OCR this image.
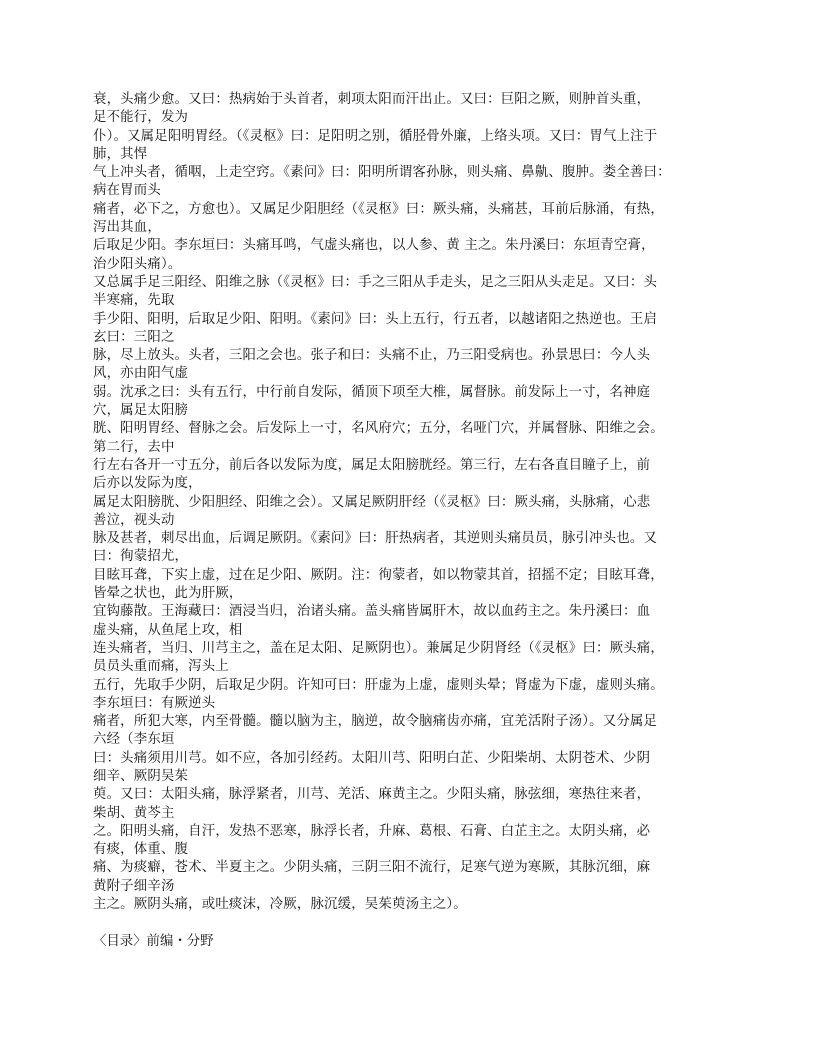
衰，头痛少愈。又曰：热病始于头首者，刺项太阳而汗出止。又曰：巨阳之厥，则肿首头重，
足不能行，发为
仆）。又属足阳明胃经。（《灵枢》曰：足阳明之别，循胫骨外廉，上络头项。又曰：胃气上注于
肺，其悍
气上冲头者，循咽，上走空窍。《素问》曰：阳明所谓客孙脉，则头痛、鼻鼽、腹肿。娄全善曰：
病在胃而头
痛者，必下之，方愈也）。又属足少阳胆经（《灵枢》曰：厥头痛，头痛甚，耳前后脉涌，有热，
泻出其血，
后取足少阳。李东垣曰：头痛耳鸣，气虚头痛也，以人参、黄 主之。朱丹溪曰：东垣青空膏，
治少阳头痛）。
又总属手足三阳经、阳维之脉（《灵枢》曰：手之三阳从手走头，足之三阳从头走足。又曰：头
半寒痛，先取
手少阳、阳明，后取足少阳、阳明。《素问》曰：头上五行，行五者，以越诸阳之热逆也。王启
玄曰：三阳之
脉，尽上放头。头者，三阳之会也。张子和曰：头痛不止，乃三阳受病也。孙景思曰：今人头
风，亦由阳气虚
弱。沈承之曰：头有五行，中行前自发际，循顶下项至大椎，属督脉。前发际上一寸，名神庭
穴，属足太阳膀
胱、阳明胃经、督脉之会。后发际上一寸，名风府穴；五分，名哑门穴，并属督脉、阳维之会。
第二行，去中
行左右各开一寸五分，前后各以发际为度，属足太阳膀胱经。第三行，左右各直目瞳子上，前
后亦以发际为度，
属足太阳膀胱、少阳胆经、阳维之会）。又属足厥阴肝经（《灵枢》曰：厥头痛，头脉痛，心悲
善泣，视头动
脉及甚者，刺尽出血，后调足厥阴。《素问》曰：肝热病者，其逆则头痛员员，脉引冲头也。又
曰：徇蒙招尤，
目眩耳聋，下实上虚，过在足少阳、厥阴。注：徇蒙者，如以物蒙其首，招摇不定；目眩耳聋，
皆晕之状也，此为肝厥，
宜钩藤散。王海藏曰：酒浸当归，治诸头痛。盖头痛皆属肝木，故以血药主之。朱丹溪曰：血
虚头痛，从鱼尾上攻，相
连头痛者，当归、川芎主之，盖在足太阳、足厥阴也）。兼属足少阴肾经（《灵枢》曰：厥头痛，
员员头重而痛，泻头上
五行，先取手少阴，后取足少阴。许知可曰：肝虚为上虚，虚则头晕；肾虚为下虚，虚则头痛。
李东垣曰：有厥逆头
痛者，所犯大寒，内至骨髓。髓以脑为主，脑逆，故令脑痛齿亦痛，宜羌活附子汤）。又分属足
六经（李东垣
曰：头痛须用川芎。如不应，各加引经药。太阳川芎、阳明白芷、少阳柴胡、太阴苍术、少阴
细辛、厥阴吴茱
萸。又曰：太阳头痛，脉浮紧者，川芎、羌活、麻黄主之。少阳头痛，脉弦细，寒热往来者，
柴胡、黄芩主
之。阳明头痛，自汗，发热不恶寒，脉浮长者，升麻、葛根、石膏、白芷主之。太阴头痛，必
有痰，体重、腹
痛、为痰癖，苍术、半夏主之。少阴头痛，三阴三阳不流行，足寒气逆为寒厥，其脉沉细，麻
黄附子细辛汤
主之。厥阴头痛，或吐痰沫，冷厥，脉沉缓，吴茱萸汤主之）。
〈目录〉前编・分野
